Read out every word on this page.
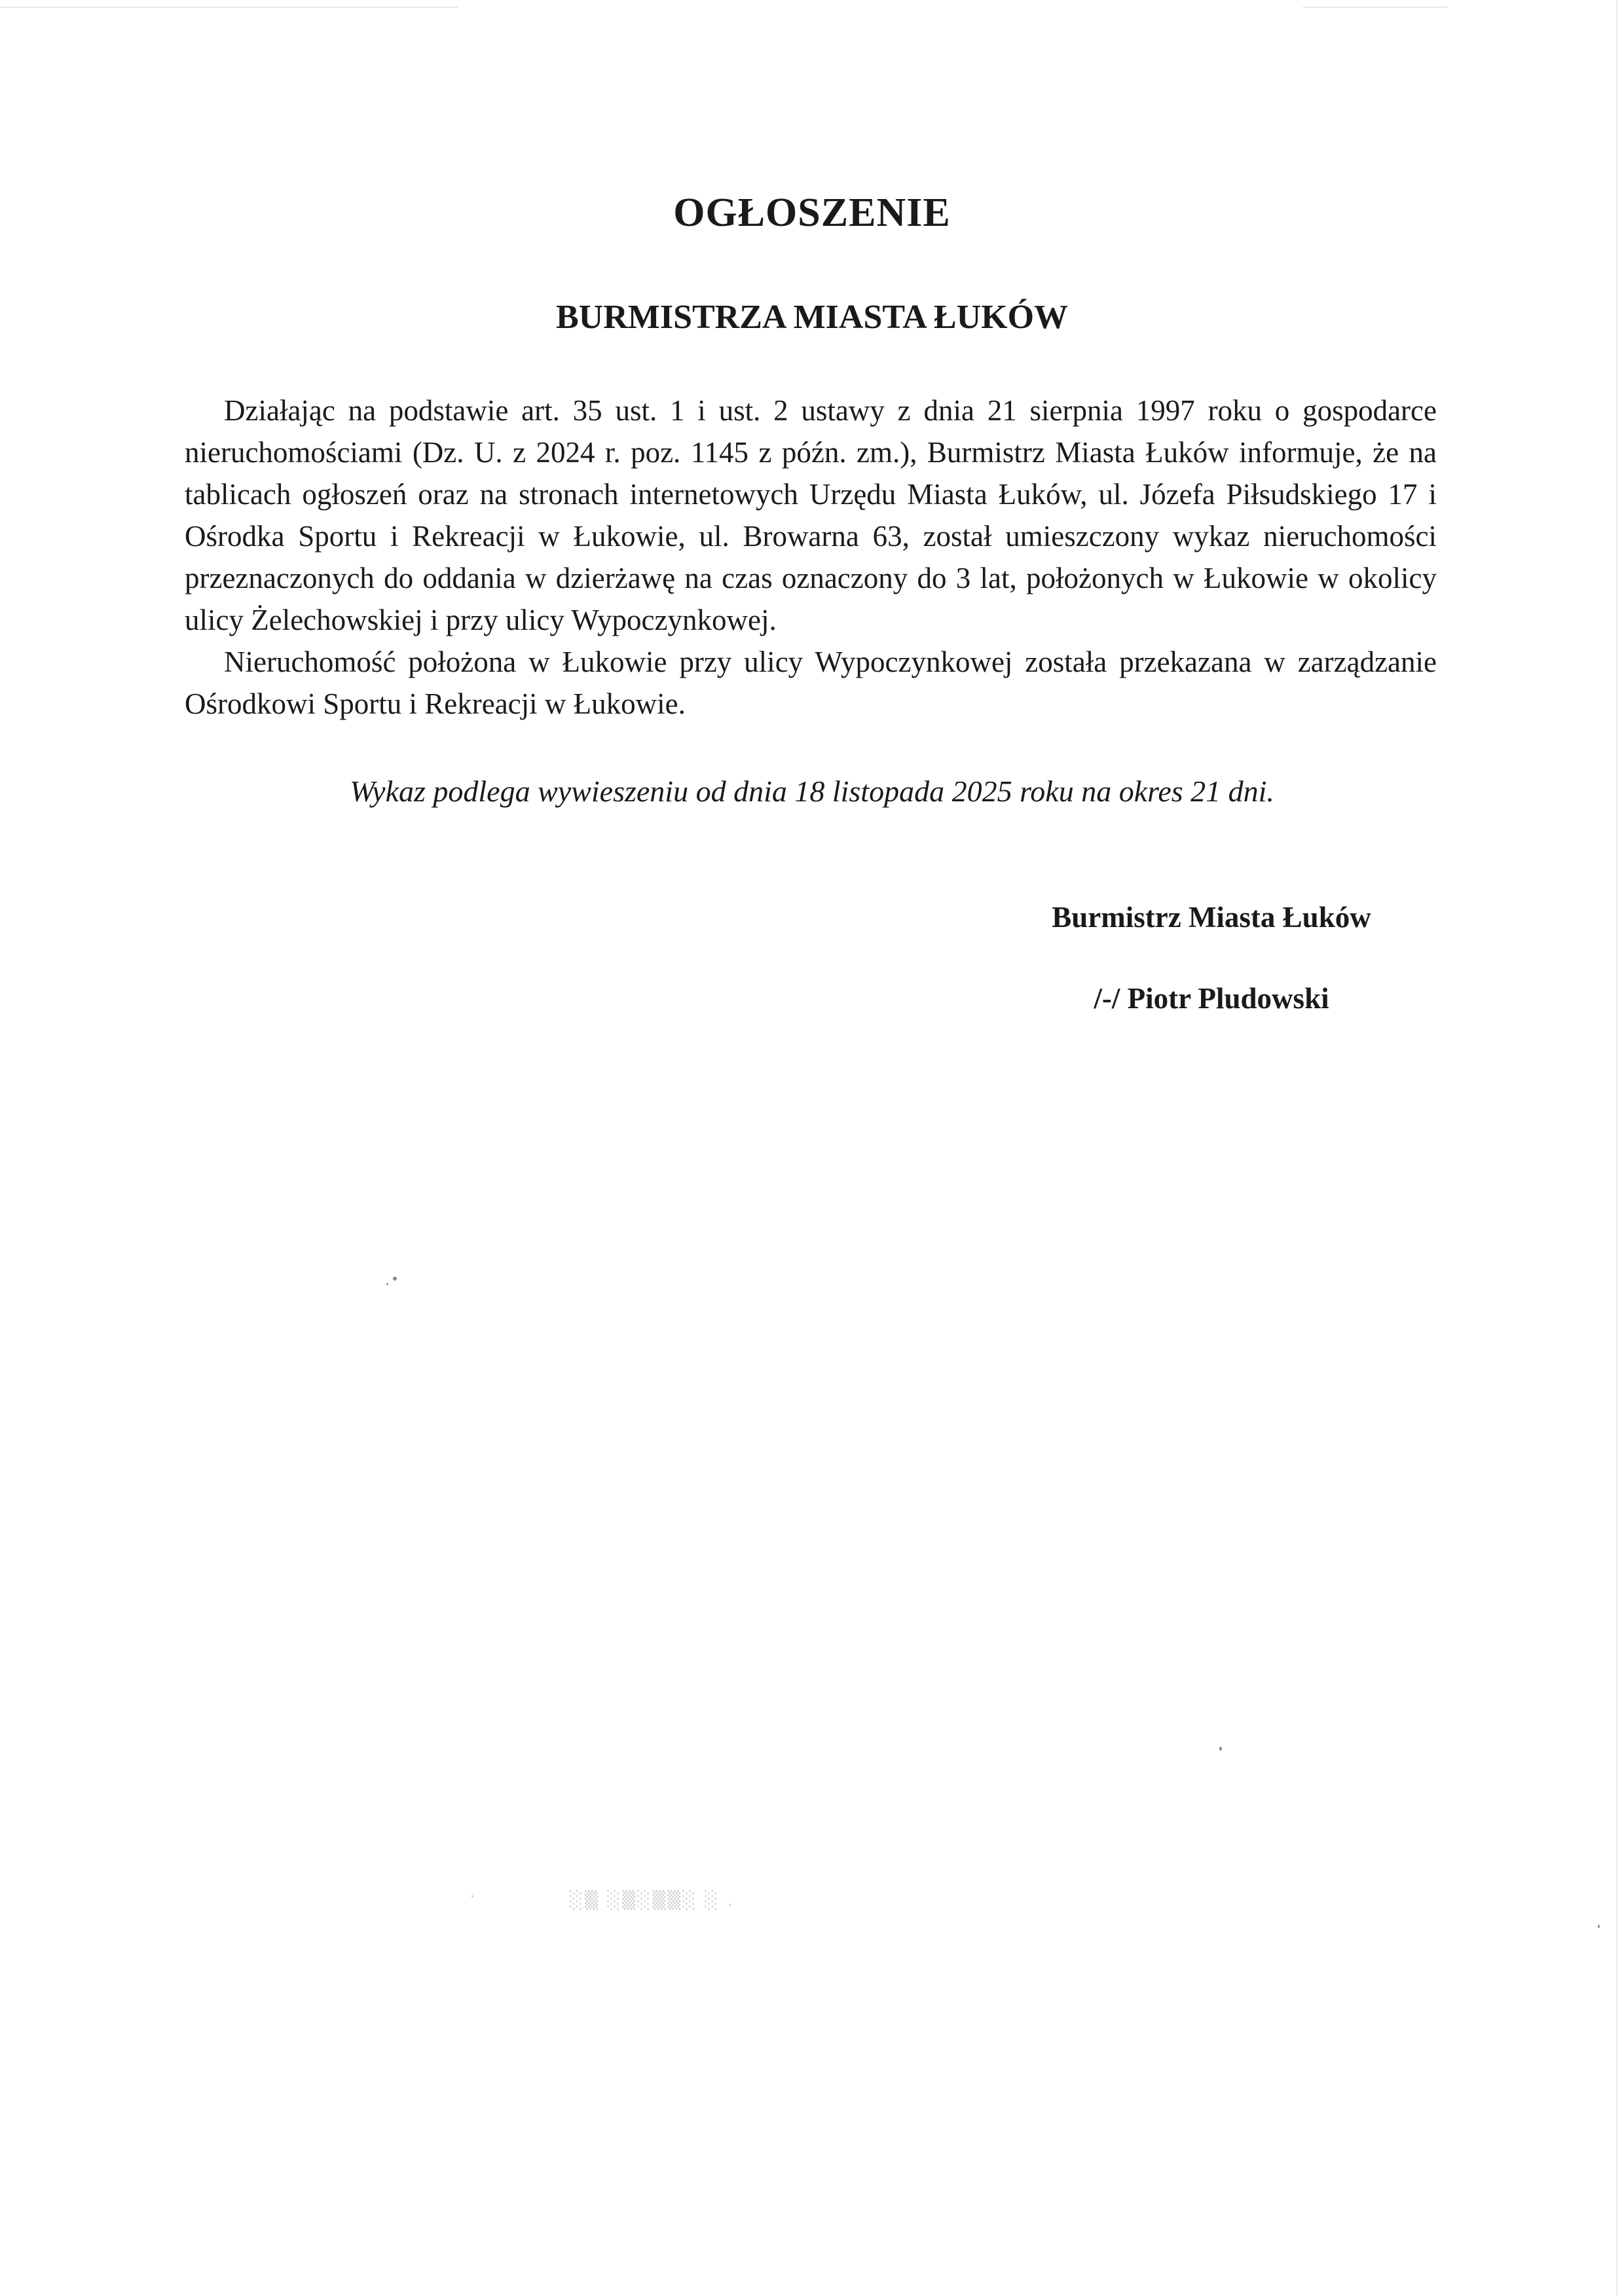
OGŁOSZENIE
BURMISTRZA MIASTA ŁUKÓW

Działając na podstawie art. 35 ust. 1 i ust. 2 ustawy z dnia 21 sierpnia 1997 roku o gospodarce nieruchomościami (Dz. U. z 2024 r. poz. 1145 z późn. zm.), Burmistrz Miasta Łuków informuje, że na tablicach ogłoszeń oraz na stronach internetowych Urzędu Miasta Łuków, ul. Józefa Piłsudskiego 17 i Ośrodka Sportu i Rekreacji w Łukowie, ul. Browarna 63, został umieszczony wykaz nieruchomości przeznaczonych do oddania w dzierżawę na czas oznaczony do 3 lat, położonych w Łukowie w okolicy ulicy Żelechowskiej i przy ulicy Wypoczynkowej.

Nieruchomość położona w Łukowie przy ulicy Wypoczynkowej została przekazana w zarządzanie Ośrodkowi Sportu i Rekreacji w Łukowie.

Wykaz podlega wywieszeniu od dnia 18 listopada 2025 roku na okres 21 dni.

Burmistrz Miasta Łuków

/-/ Piotr Pludowski

░▒ ░▒░▒▒░ ░ .
